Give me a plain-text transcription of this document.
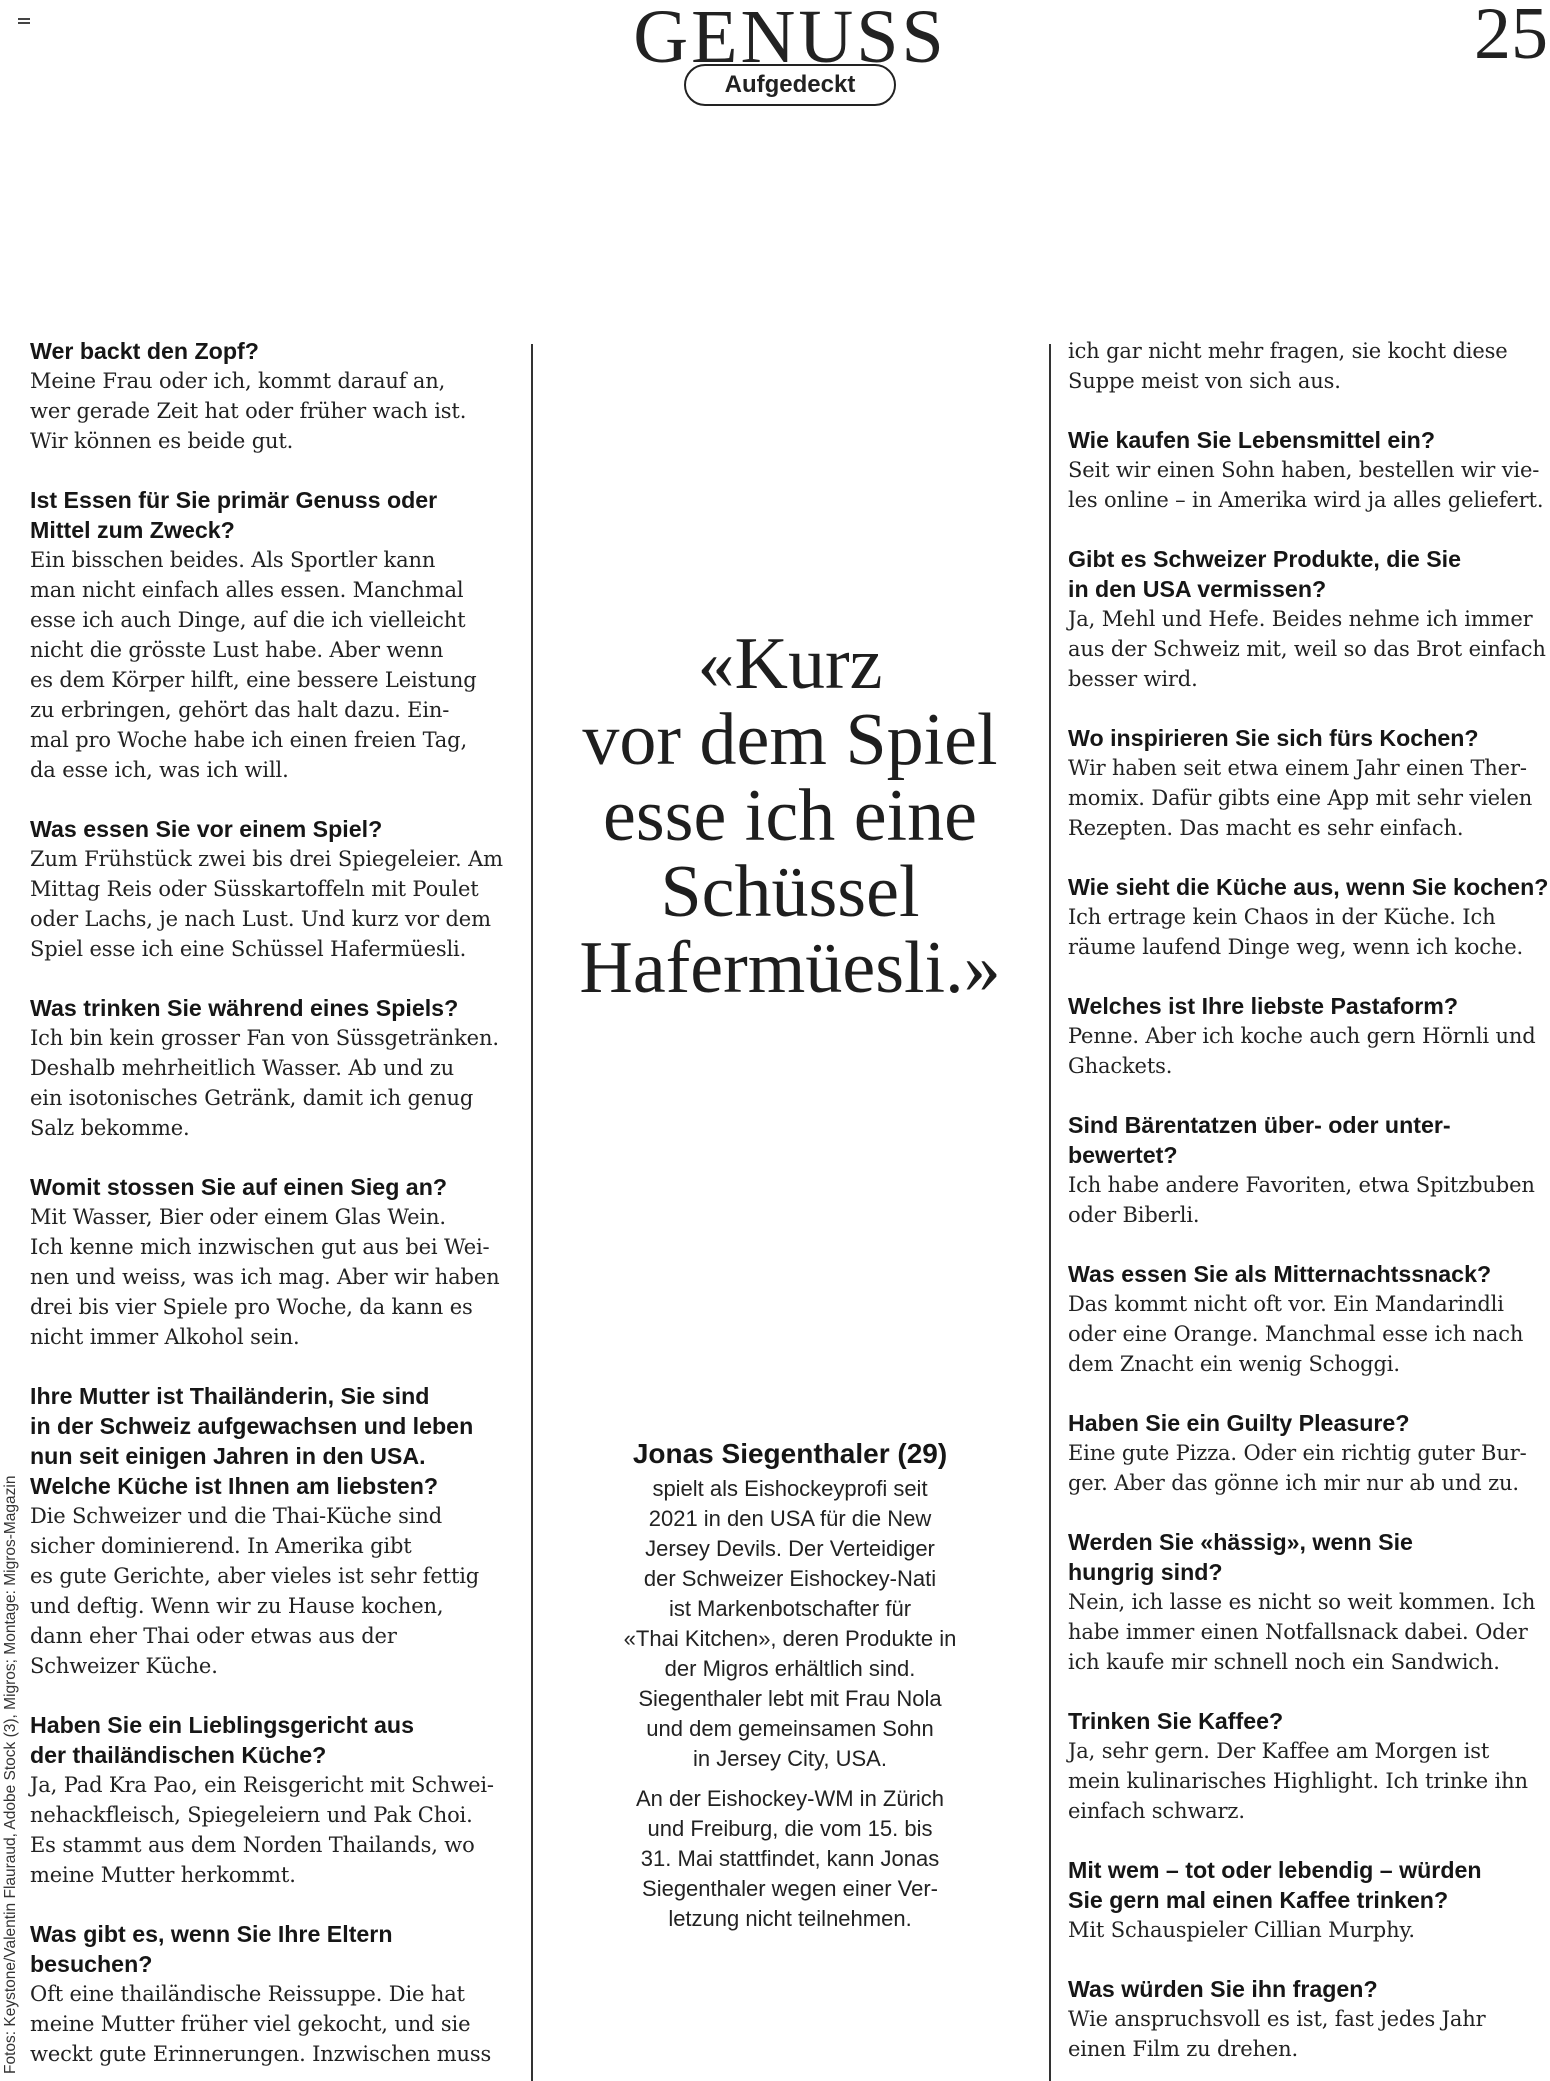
GENUSS	25
Aufgedeckt
Wer backt den Zopf?
Meine Frau oder ich, kommt darauf an,
wer gerade Zeit hat oder früher wach ist.
Wir können es beide gut.
Ist Essen für Sie primär Genuss oder
Mittel zum Zweck?
Ein bisschen beides. Als Sportler kann
man nicht einfach alles essen. Manchmal
esse ich auch Dinge, auf die ich vielleicht
nicht die grösste Lust habe. Aber wenn
es dem Körper hilft, eine bessere Leistung
zu erbringen, gehört das halt dazu. Ein-
mal pro Woche habe ich einen freien Tag,
da esse ich, was ich will.
Was essen Sie vor einem Spiel?
Zum Frühstück zwei bis drei Spiegeleier. Am
Mittag Reis oder Süsskartoffeln mit Poulet
oder Lachs, je nach Lust. Und kurz vor dem
Spiel esse ich eine Schüssel Hafermüesli.
Was trinken Sie während eines Spiels?
Ich bin kein grosser Fan von Süssgetränken.
Deshalb mehrheitlich Wasser. Ab und zu
ein isotonisches Getränk, damit ich genug
Salz bekomme.
Womit stossen Sie auf einen Sieg an?
Mit Wasser, Bier oder einem Glas Wein.
Ich kenne mich inzwischen gut aus bei Wei-
nen und weiss, was ich mag. Aber wir haben
drei bis vier Spiele pro Woche, da kann es
nicht immer Alkohol sein.
Ihre Mutter ist Thailänderin, Sie sind
in der Schweiz aufgewachsen und leben
nun seit einigen Jahren in den USA.
Welche Küche ist Ihnen am liebsten?
Die Schweizer und die Thai-Küche sind
sicher dominierend. In Amerika gibt
es gute Gerichte, aber vieles ist sehr fettig
und deftig. Wenn wir zu Hause kochen,
dann eher Thai oder etwas aus der
Schweizer Küche.
Haben Sie ein Lieblingsgericht aus
der thailändischen Küche?
Ja, Pad Kra Pao, ein Reisgericht mit Schwei-
nehackfleisch, Spiegeleiern und Pak Choi.
Es stammt aus dem Norden Thailands, wo
meine Mutter herkommt.
Was gibt es, wenn Sie Ihre Eltern
besuchen?
Oft eine thailändische Reissuppe. Die hat
meine Mutter früher viel gekocht, und sie
weckt gute Erinnerungen. Inzwischen muss
«Kurz
vor dem Spiel
esse ich eine
Schüssel
Hafermüesli.»
Jonas Siegenthaler (29)
spielt als Eishockeyprofi seit
2021 in den USA für die New
Jersey Devils. Der Verteidiger
der Schweizer Eishockey-Nati
ist Markenbotschafter für
«Thai Kitchen», deren Produkte in
der Migros erhältlich sind.
Siegenthaler lebt mit Frau Nola
und dem gemeinsamen Sohn
in Jersey City, USA.
An der Eishockey-WM in Zürich
und Freiburg, die vom 15. bis
31. Mai stattfindet, kann Jonas
Siegenthaler wegen einer Ver-
letzung nicht teilnehmen.
ich gar nicht mehr fragen, sie kocht diese
Suppe meist von sich aus.
Wie kaufen Sie Lebensmittel ein?
Seit wir einen Sohn haben, bestellen wir vie-
les online – in Amerika wird ja alles geliefert.
Gibt es Schweizer Produkte, die Sie
in den USA vermissen?
Ja, Mehl und Hefe. Beides nehme ich immer
aus der Schweiz mit, weil so das Brot einfach
besser wird.
Wo inspirieren Sie sich fürs Kochen?
Wir haben seit etwa einem Jahr einen Ther-
momix. Dafür gibts eine App mit sehr vielen
Rezepten. Das macht es sehr einfach.
Wie sieht die Küche aus, wenn Sie kochen?
Ich ertrage kein Chaos in der Küche. Ich
räume laufend Dinge weg, wenn ich koche.
Welches ist Ihre liebste Pastaform?
Penne. Aber ich koche auch gern Hörnli und
Ghackets.
Sind Bärentatzen über- oder unter-
bewertet?
Ich habe andere Favoriten, etwa Spitzbuben
oder Biberli.
Was essen Sie als Mitternachtssnack?
Das kommt nicht oft vor. Ein Mandarindli
oder eine Orange. Manchmal esse ich nach
dem Znacht ein wenig Schoggi.
Haben Sie ein Guilty Pleasure?
Eine gute Pizza. Oder ein richtig guter Bur-
ger. Aber das gönne ich mir nur ab und zu.
Werden Sie «hässig», wenn Sie
hungrig sind?
Nein, ich lasse es nicht so weit kommen. Ich
habe immer einen Notfallsnack dabei. Oder
ich kaufe mir schnell noch ein Sandwich.
Trinken Sie Kaffee?
Ja, sehr gern. Der Kaffee am Morgen ist
mein kulinarisches Highlight. Ich trinke ihn
einfach schwarz.
Mit wem – tot oder lebendig – würden
Sie gern mal einen Kaffee trinken?
Mit Schauspieler Cillian Murphy.
Was würden Sie ihn fragen?
Wie anspruchsvoll es ist, fast jedes Jahr
einen Film zu drehen.
Fotos: Keystone/Valentin Flauraud, Adobe Stock (3), Migros; Montage: Migros-Magazin
